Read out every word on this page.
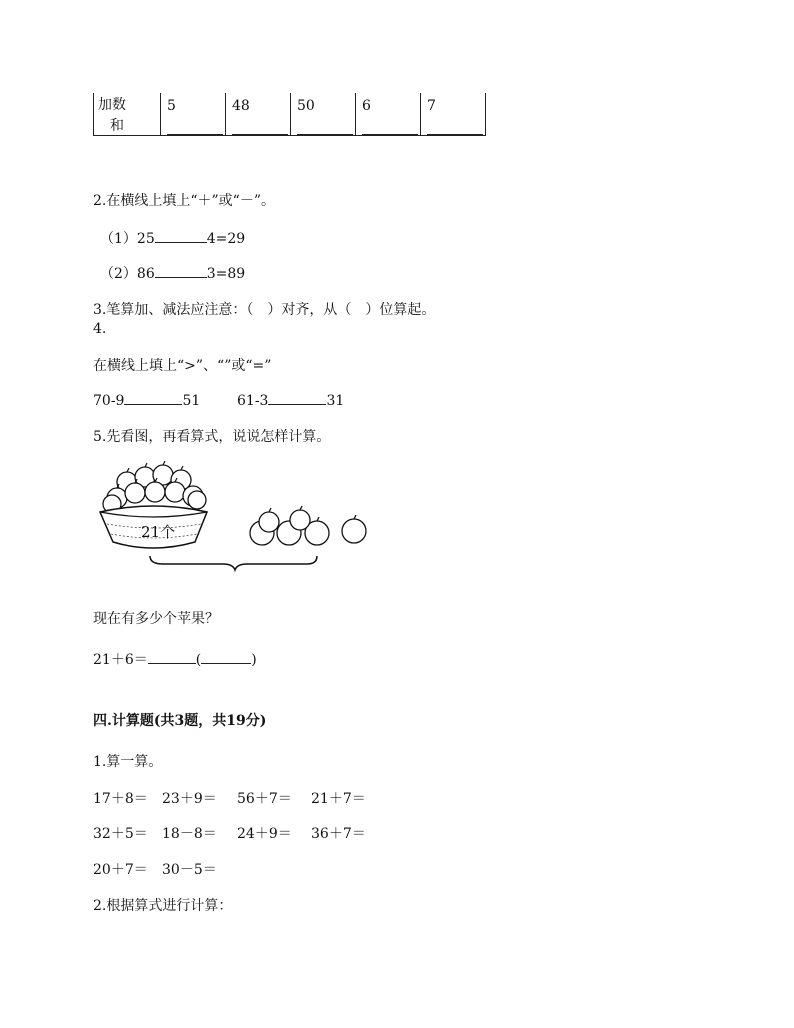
加数	5	48	50	6	7
和	

2.在横线上填上“＋”或“－”。
（1）25	4=29
（2）86	3=89
3.笔算加、减法应注意：（　）对齐，从（　）位算起。
4.
在横线上填上“>”、“”或“=”
70-9	51	61-3	31
5.先看图，再看算式，说说怎样计算。
21个
现在有多少个苹果？
21＋6＝	(	)
四.计算题(共3题，共19分)
1.算一算。
17＋8＝ 23＋9＝ 56＋7＝ 21＋7＝
32＋5＝ 18－8＝ 24＋9＝ 36＋7＝
20＋7＝ 30－5＝
2.根据算式进行计算：
